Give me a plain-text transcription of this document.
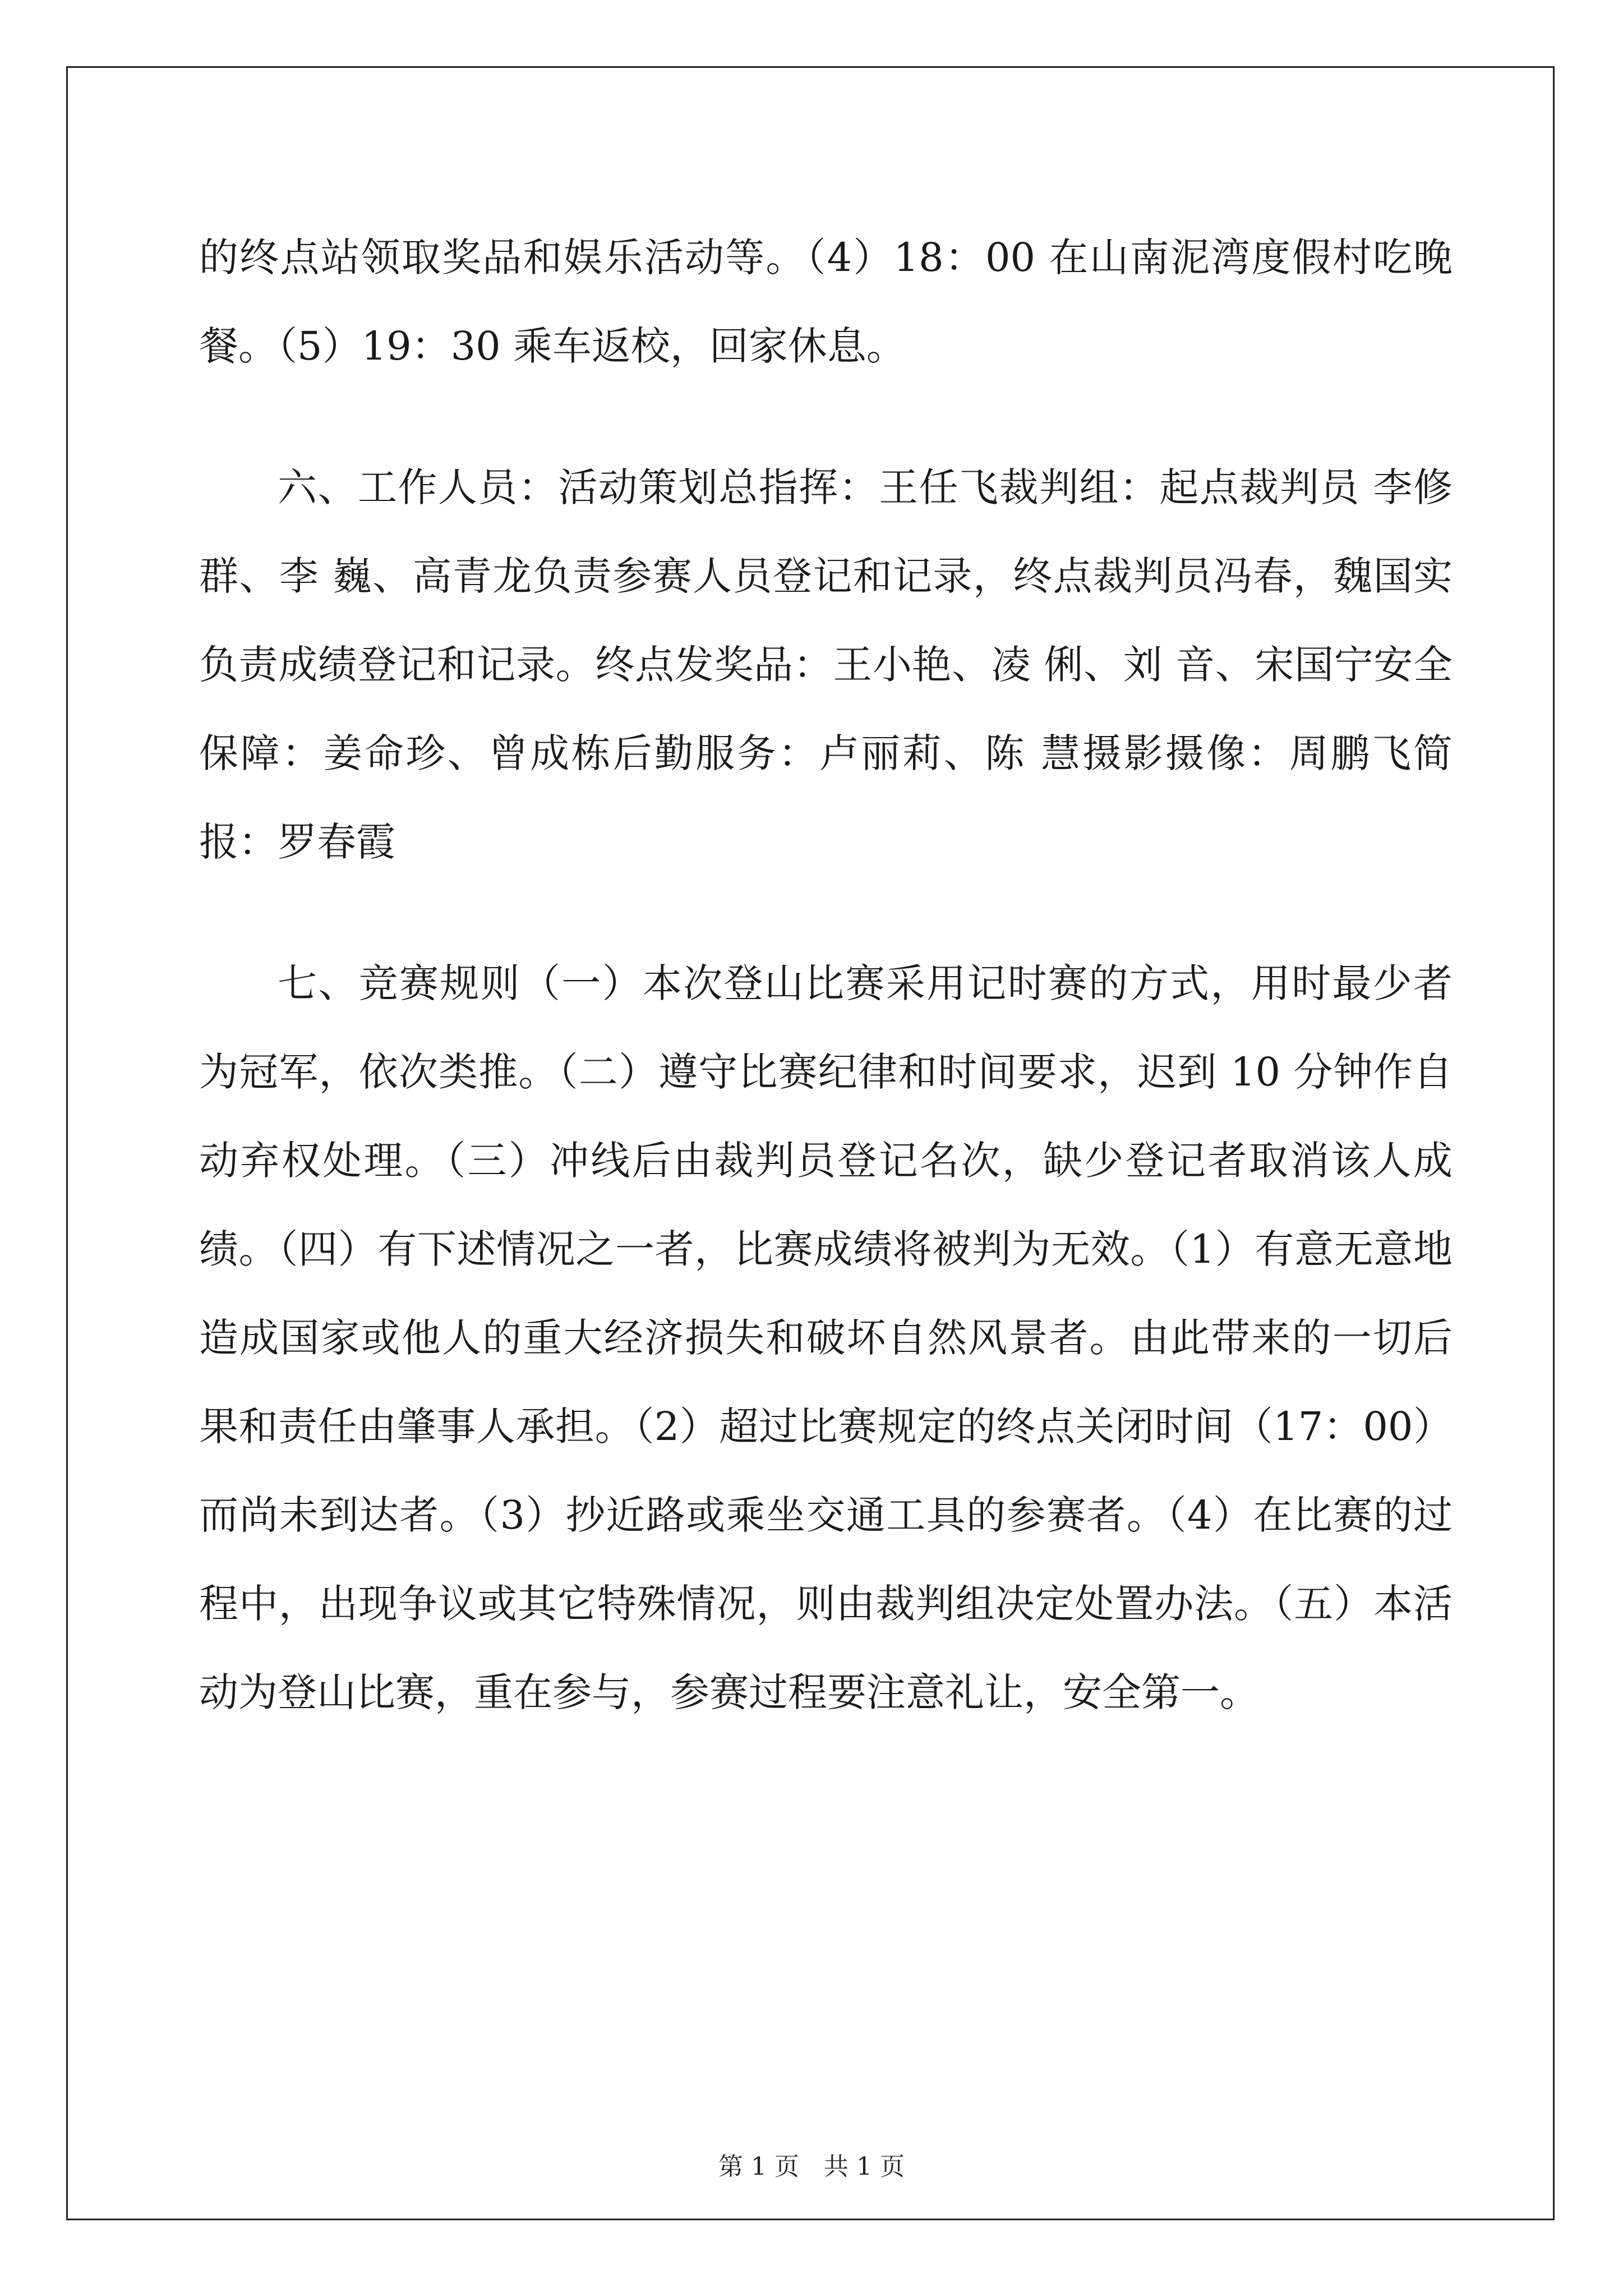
的终点站领取奖品和娱乐活动等。（4）18：00 在山南泥湾度假村吃晚餐。（5）19：30 乘车返校，回家休息。

六、工作人员：活动策划总指挥：王任飞裁判组：起点裁判员 李修群、李 巍、高青龙负责参赛人员登记和记录，终点裁判员冯春，魏国实负责成绩登记和记录。终点发奖品：王小艳、凌 俐、刘 音、宋国宁安全保障：姜命珍、曾成栋后勤服务：卢丽莉、陈 慧摄影摄像：周鹏飞简报：罗春霞

七、竞赛规则（一）本次登山比赛采用记时赛的方式，用时最少者为冠军，依次类推。（二）遵守比赛纪律和时间要求，迟到 10 分钟作自动弃权处理。（三）冲线后由裁判员登记名次，缺少登记者取消该人成绩。（四）有下述情况之一者，比赛成绩将被判为无效。（1）有意无意地造成国家或他人的重大经济损失和破坏自然风景者。由此带来的一切后果和责任由肇事人承担。（2）超过比赛规定的终点关闭时间（17：00）而尚未到达者。（3）抄近路或乘坐交通工具的参赛者。（4）在比赛的过程中，出现争议或其它特殊情况，则由裁判组决定处置办法。（五）本活动为登山比赛，重在参与，参赛过程要注意礼让，安全第一。

第 1 页　共 1 页
